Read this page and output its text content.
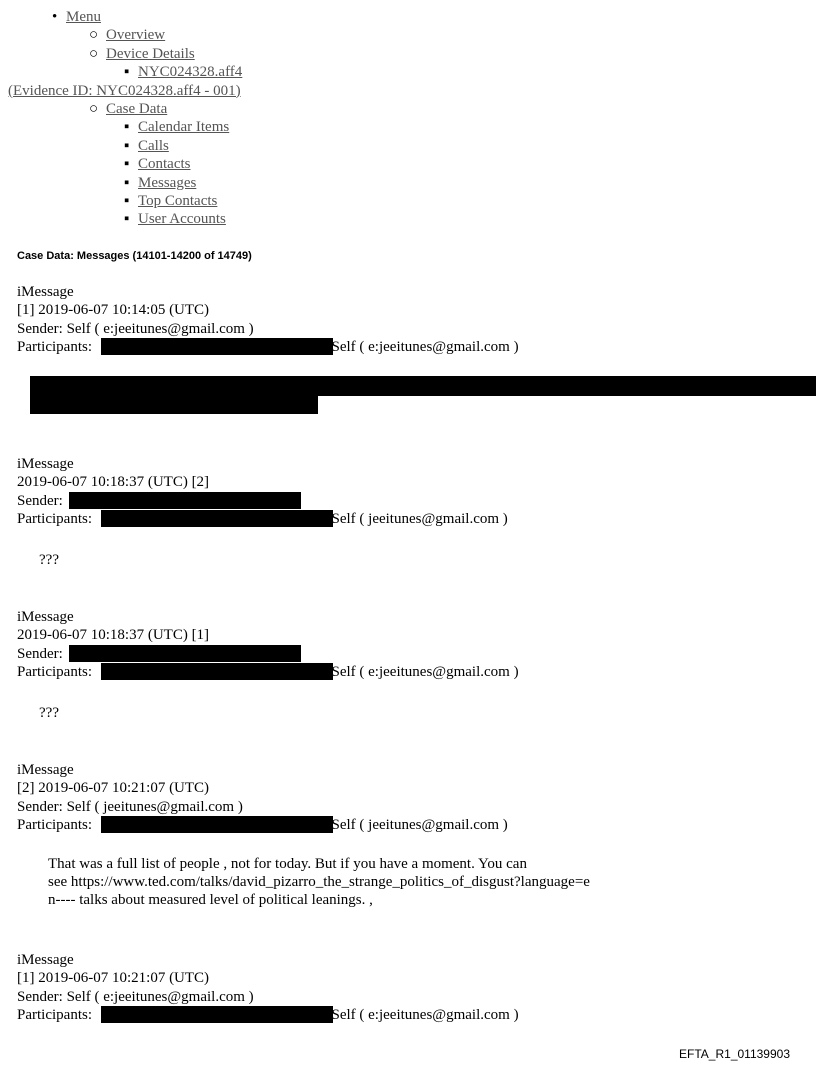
• Menu
○ Overview
○ Device Details
▪ NYC024328.aff4
(Evidence ID: NYC024328.aff4 - 001)
○ Case Data
▪ Calendar Items
▪ Calls
▪ Contacts
▪ Messages
▪ Top Contacts
▪ User Accounts
Case Data: Messages (14101-14200 of 14749)
iMessage
[1] 2019-06-07 10:14:05 (UTC)
Sender: Self ( e:jeeitunes@gmail.com )
Participants:	(	), Self ( e:jeeitunes@gmail.com )
iMessage
2019-06-07 10:18:37 (UTC) [2]
Sender:	(	)
Participants:	(	), Self ( jeeitunes@gmail.com )
???
iMessage
2019-06-07 10:18:37 (UTC) [1]
Sender:	(	)
Participants:	(	), Self ( e:jeeitunes@gmail.com )
???
iMessage
[2] 2019-06-07 10:21:07 (UTC)
Sender: Self ( jeeitunes@gmail.com )
Participants:	(	), Self ( jeeitunes@gmail.com )
That was a full list of people , not for today. But if you have a moment. You can
see https://www.ted.com/talks/david_pizarro_the_strange_politics_of_disgust?language=e
n---- talks about measured level of political leanings. ,
iMessage
[1] 2019-06-07 10:21:07 (UTC)
Sender: Self ( e:jeeitunes@gmail.com )
Participants:	(	), Self ( e:jeeitunes@gmail.com )
EFTA_R1_01139903
